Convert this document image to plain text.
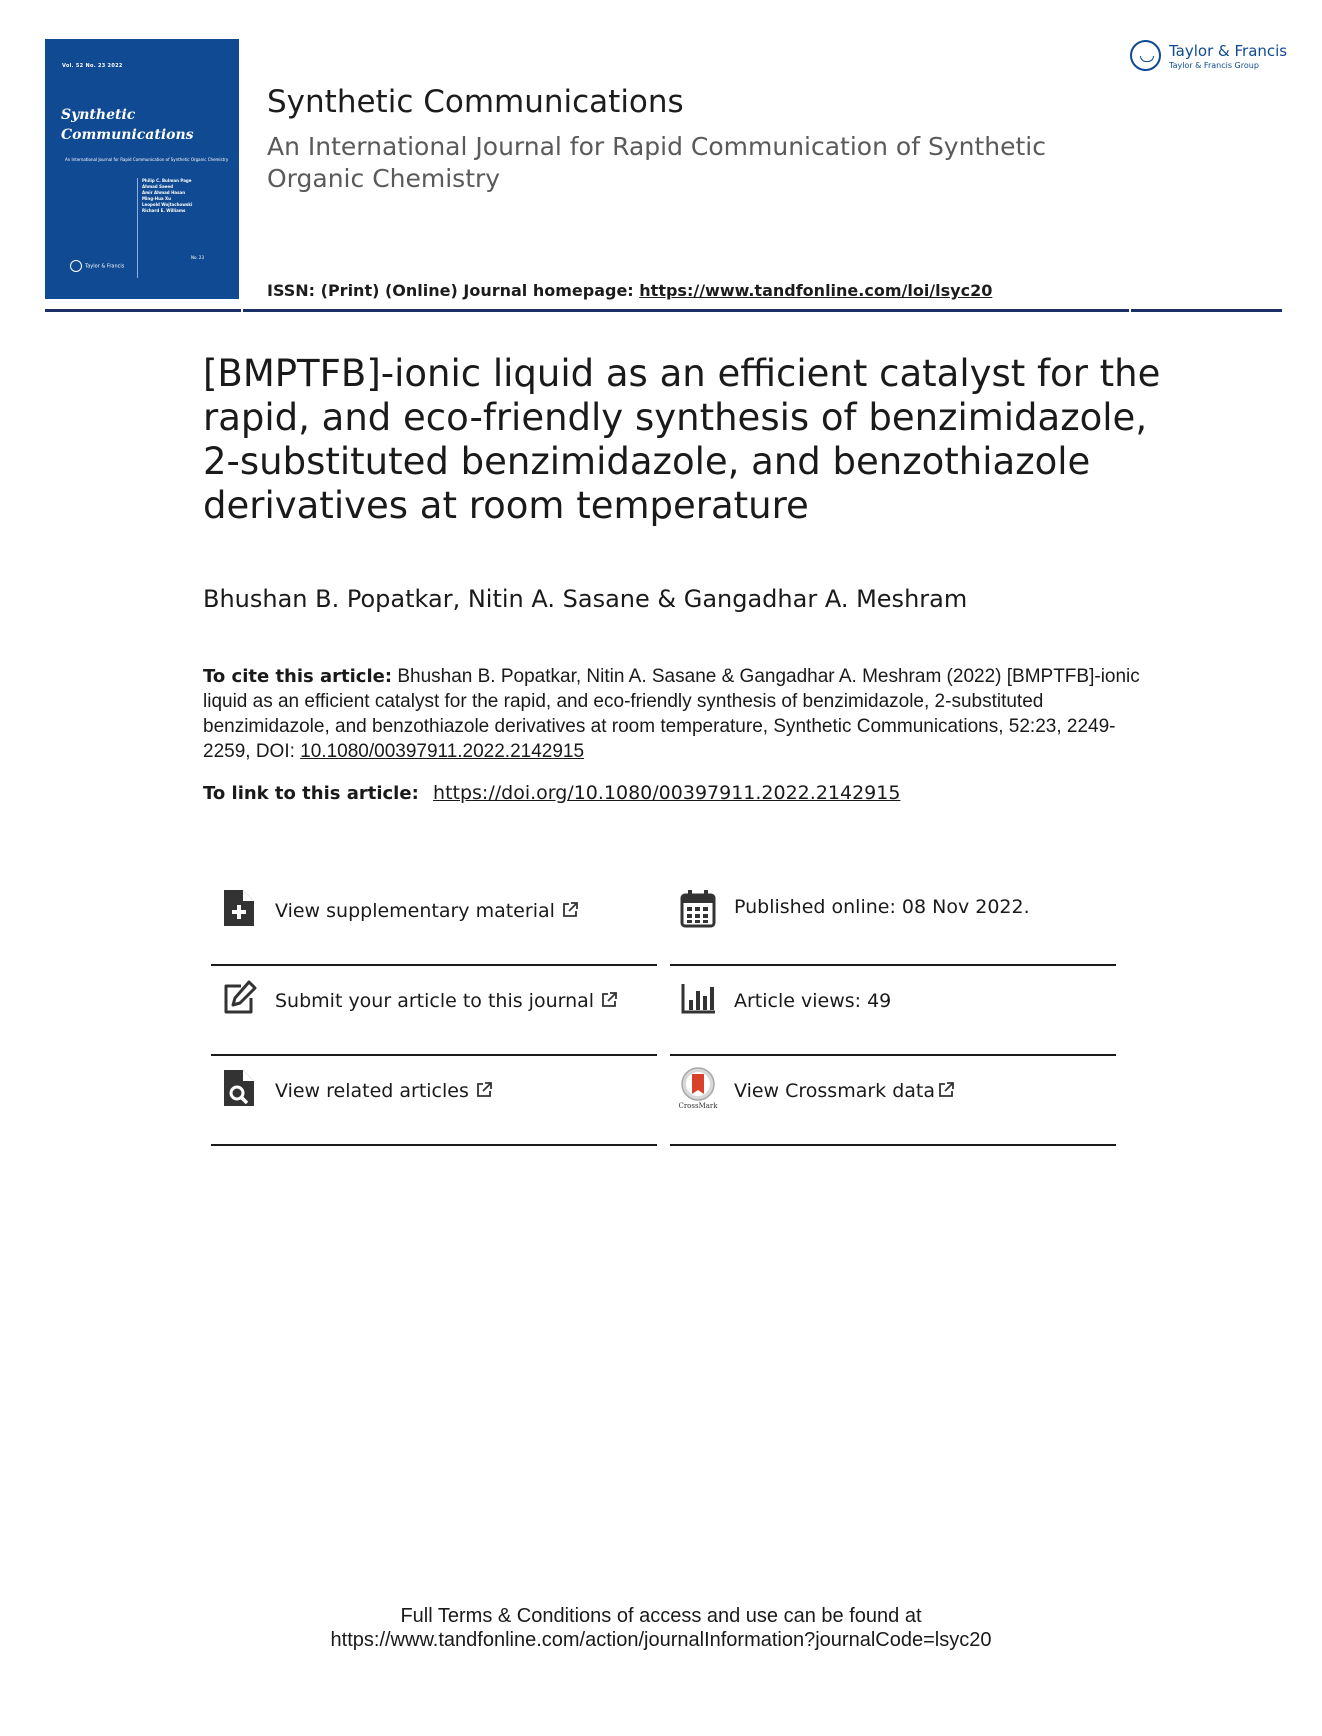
Vol. 52 No. 23 2022
Synthetic
Communications
An International Journal for Rapid Communication of Synthetic Organic Chemistry
Philip C. Bulman Page
Ahmad Saeed
Amir Ahmad Hasan
Ming-Hua Xu
Leopold Wojtachowski
Richard E. Williams
Taylor & Francis
No. 23
Synthetic Communications
An International Journal for Rapid Communication of Synthetic Organic Chemistry
ISSN: (Print) (Online) Journal homepage: https://www.tandfonline.com/loi/lsyc20
Taylor & Francis
Taylor & Francis Group
[BMPTFB]-ionic liquid as an efficient catalyst for the rapid, and eco-friendly synthesis of benzimidazole, 2-substituted benzimidazole, and benzothiazole derivatives at room temperature
Bhushan B. Popatkar, Nitin A. Sasane & Gangadhar A. Meshram
To cite this article: Bhushan B. Popatkar, Nitin A. Sasane & Gangadhar A. Meshram (2022) [BMPTFB]-ionic liquid as an efficient catalyst for the rapid, and eco-friendly synthesis of benzimidazole, 2-substituted benzimidazole, and benzothiazole derivatives at room temperature, Synthetic Communications, 52:23, 2249-2259, DOI: 10.1080/00397911.2022.2142915
To link to this article: https://doi.org/10.1080/00397911.2022.2142915
View supplementary material	Published online: 08 Nov 2022.
Submit your article to this journal	Article views: 49
View related articles
CrossMark
View Crossmark data
Full Terms & Conditions of access and use can be found at
https://www.tandfonline.com/action/journalInformation?journalCode=lsyc20
